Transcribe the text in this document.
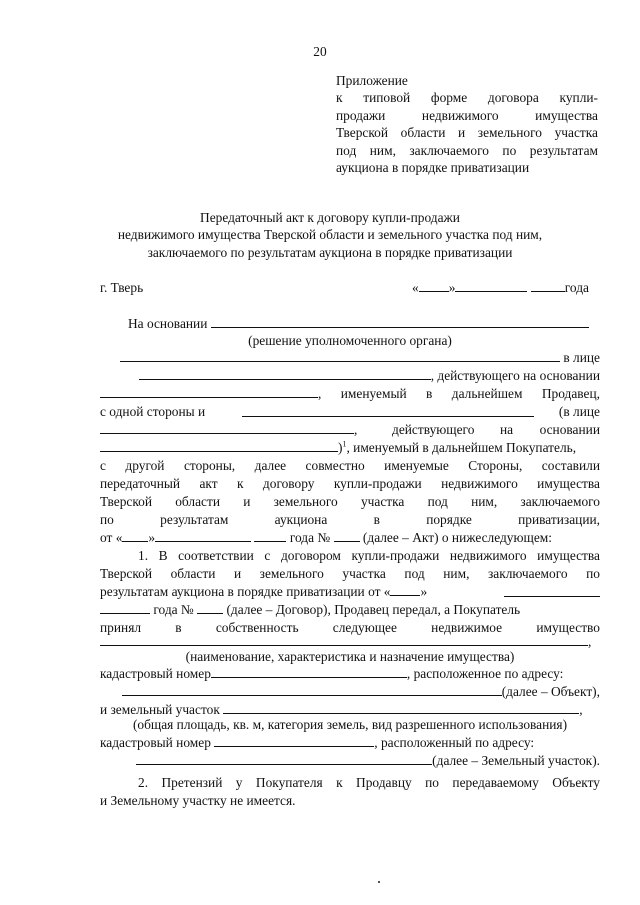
20
Приложение
к типовой форме договора купли-
продажи недвижимого имущества
Тверской области и земельного участка
под ним, заключаемого по результатам
аукциона в порядке приватизации
Передаточный акт к договору купли-продажи
недвижимого имущества Тверской области и земельного участка под ним,
заключаемого по результатам аукциона в порядке приватизации
г. Тверь	« »	года
На основании
(решение уполномоченного органа)
в лице
, действующего на основании
, именуемый в дальнейшем Продавец,
с одной стороны и	(в лице
,	действующего на основании
)$^1$, именуемый в дальнейшем Покупатель,
с другой стороны, далее совместно именуемые Стороны, составили
передаточный акт к договору купли-продажи недвижимого имущества
Тверской области и земельного участка под ним, заключаемого
по результатам аукциона в порядке приватизации,
от « »	года № (далее – Акт) о нижеследующем:
1. В соответствии с договором купли-продажи недвижимого имущества
Тверской области и земельного участка под ним, заключаемого по
результатам аукциона в порядке приватизации от « »
года № (далее – Договор), Продавец передал, а Покупатель
принял в собственность следующее недвижимое имущество
,
(наименование, характеристика и назначение имущества)
кадастровый номер	, расположенное по адресу:
(далее – Объект),
и земельный участок	,
(общая площадь, кв. м, категория земель, вид разрешенного использования)
кадастровый номер	, расположенный по адресу:
(далее – Земельный участок).
2. Претензий у Покупателя к Продавцу по передаваемому Объекту
и Земельному участку не имеется.
